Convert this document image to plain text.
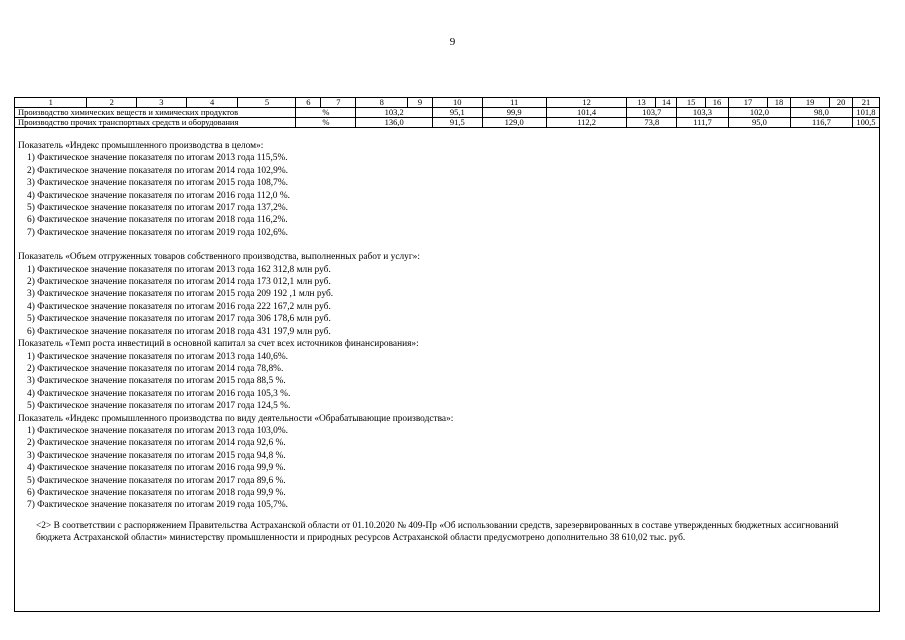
9
1	2	3	4	5	6	7	8	9	10	11	12	13	14	15	16	17	18	19	20	21
Производство химических веществ и химических продуктов					%		103,2		95,1	99,9	101,4	103,7		103,3		102,0		98,0		101,8
Производство прочих транспортных средств и оборудования					%		136,0		91,5	129,0	112,2	73,8		111,7		95,0		116,7		100,5
Показатель «Индекс промышленного производства в целом»:
1) Фактическое значение показателя по итогам 2013 года 115,5%.
2) Фактическое значение показателя по итогам 2014 года 102,9%.
3) Фактическое значение показателя по итогам 2015 года 108,7%.
4) Фактическое значение показателя по итогам 2016 года 112,0 %.
5) Фактическое значение показателя по итогам 2017 года 137,2%.
6) Фактическое значение показателя по итогам 2018 года 116,2%.
7) Фактическое значение показателя по итогам 2019 года 102,6%.
Показатель «Объем отгруженных товаров собственного производства, выполненных работ и услуг»:
1) Фактическое значение показателя по итогам 2013 года 162 312,8 млн руб.
2) Фактическое значение показателя по итогам 2014 года 173 012,1 млн руб.
3) Фактическое значение показателя по итогам 2015 года 209 192 ,1 млн руб.
4) Фактическое значение показателя по итогам 2016 года 222 167,2 млн руб.
5) Фактическое значение показателя по итогам 2017 года 306 178,6 млн руб.
6) Фактическое значение показателя по итогам 2018 года 431 197,9 млн руб.
Показатель «Темп роста инвестиций в основной капитал за счет всех источников финансирования»:
1) Фактическое значение показателя по итогам 2013 года 140,6%.
2) Фактическое значение показателя по итогам 2014 года 78,8%.
3) Фактическое значение показателя по итогам 2015 года 88,5 %.
4) Фактическое значение показателя по итогам 2016 года 105,3 %.
5) Фактическое значение показателя по итогам 2017 года 124,5 %.
Показатель «Индекс промышленного производства по виду деятельности «Обрабатывающие производства»:
1) Фактическое значение показателя по итогам 2013 года 103,0%.
2) Фактическое значение показателя по итогам 2014 года 92,6 %.
3) Фактическое значение показателя по итогам 2015 года 94,8 %.
4) Фактическое значение показателя по итогам 2016 года 99,9 %.
5) Фактическое значение показателя по итогам 2017 года 89,6 %.
6) Фактическое значение показателя по итогам 2018 года 99,9 %.
7) Фактическое значение показателя по итогам 2019 года 105,7%.
<2> В соответствии с распоряжением Правительства Астраханской области от 01.10.2020 № 409-Пр «Об использовании средств, зарезервированных в составе утвержденных бюджетных ассигнований бюджета Астраханской области» министерству промышленности и природных ресурсов Астраханской области предусмотрено дополнительно 38 610,02 тыс. руб.
